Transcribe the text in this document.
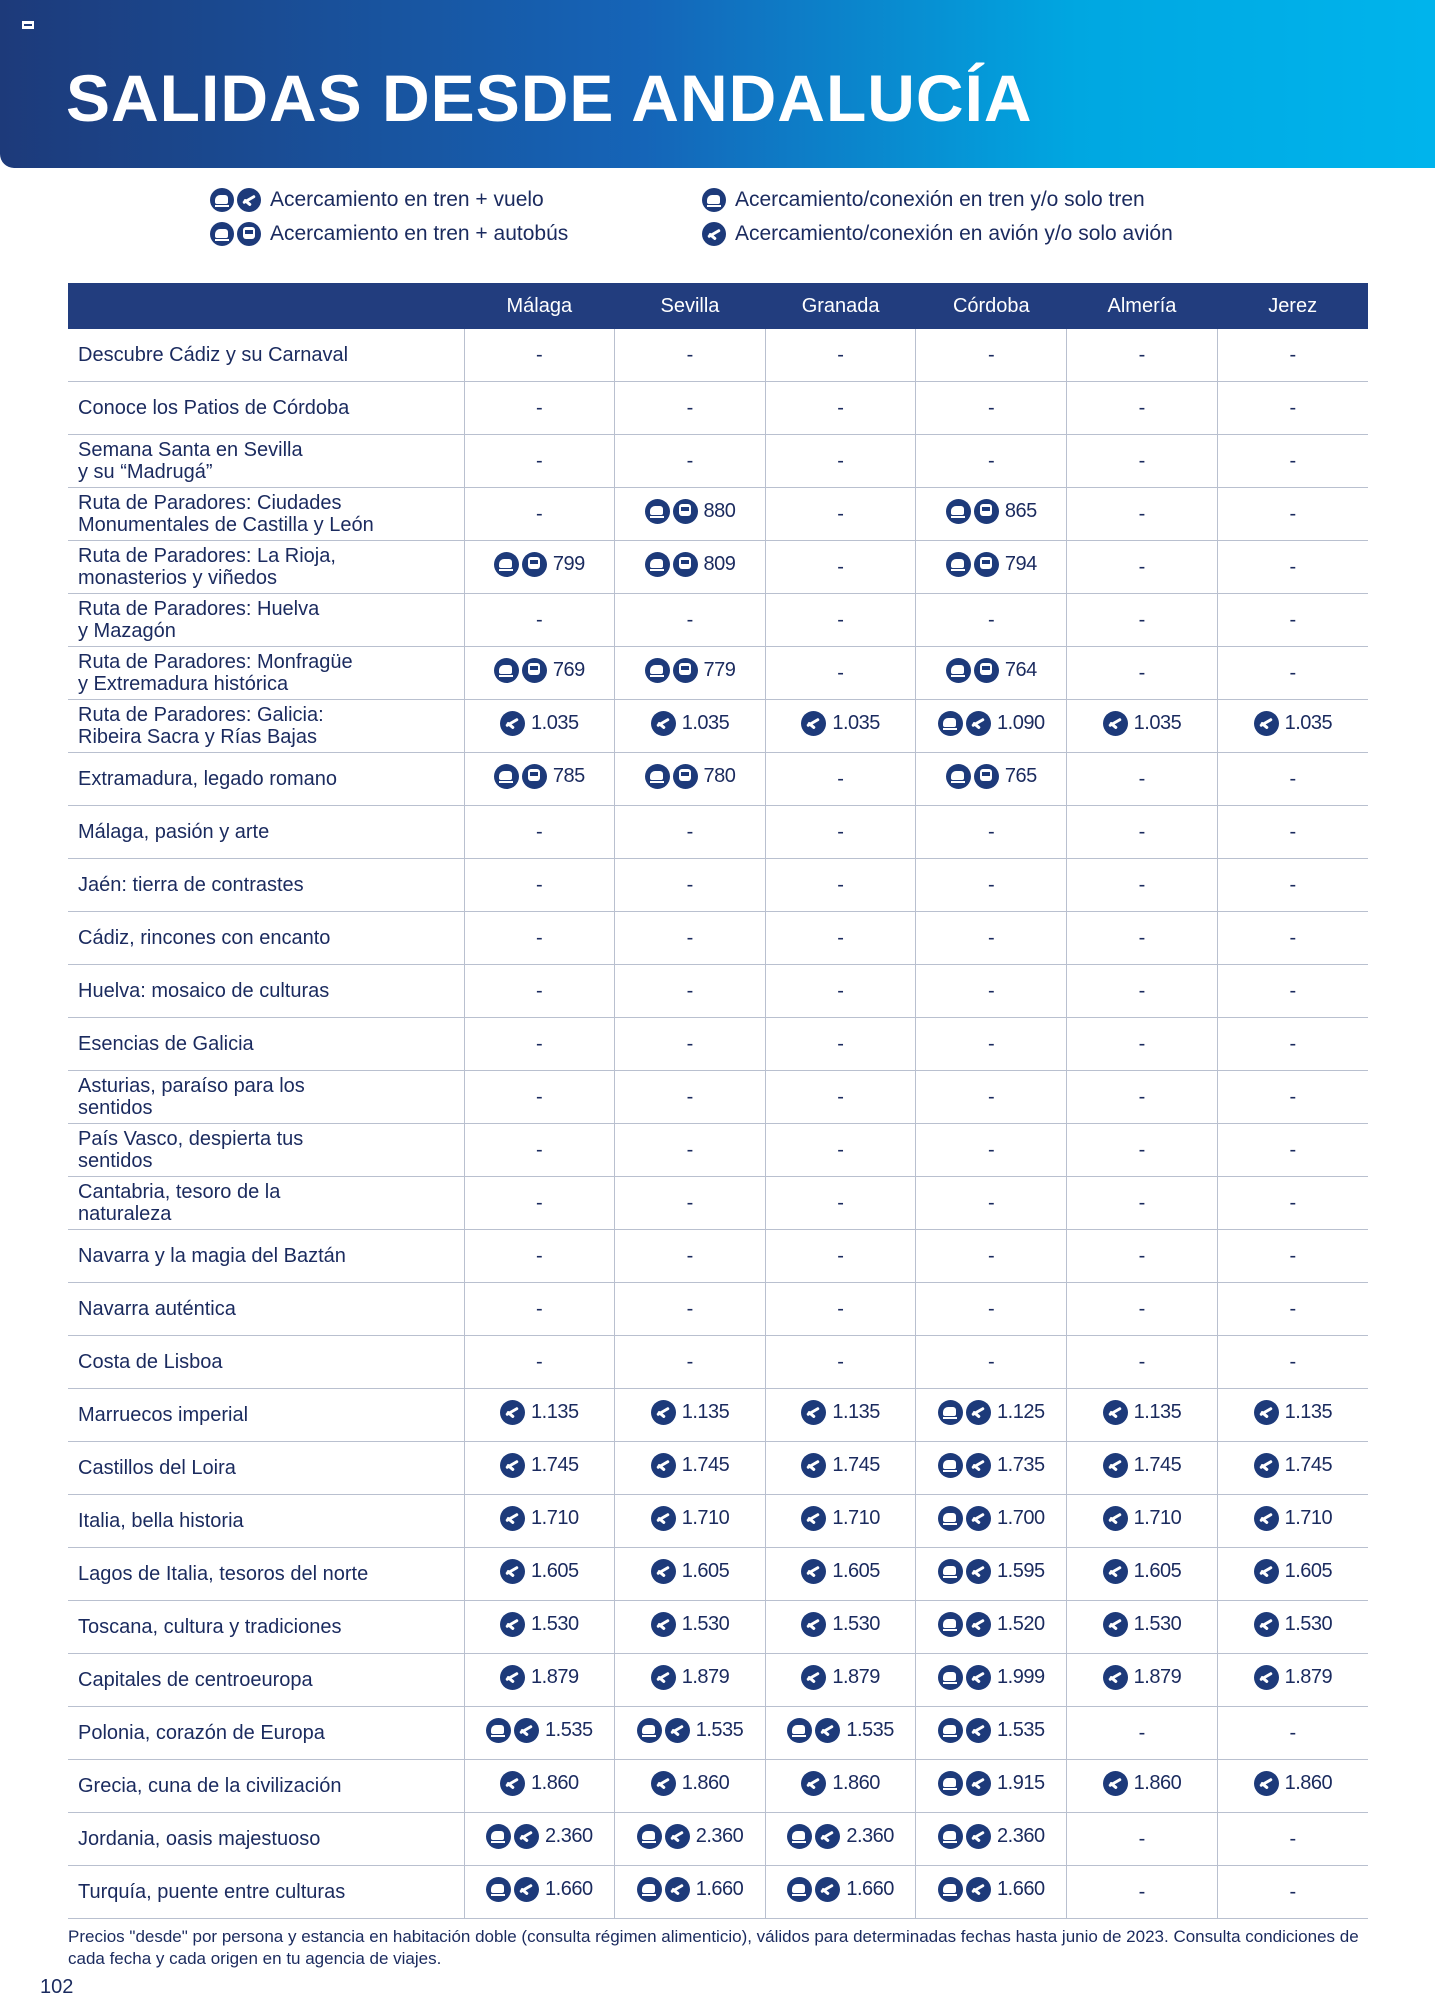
SALIDAS DESDE ANDALUCÍA
Acercamiento en tren + vuelo
Acercamiento en tren + autobús
Acercamiento/conexión en tren y/o solo tren
Acercamiento/conexión en avión y/o solo avión
	Málaga	Sevilla	Granada	Córdoba	Almería	Jerez
Descubre Cádiz y su Carnaval	-	-	-	-	-	-
Conoce los Patios de Córdoba	-	-	-	-	-	-
Semana Santa en Sevilla
y su “Madrugá”	-	-	-	-	-	-
Ruta de Paradores: Ciudades
Monumentales de Castilla y León	-	880	-	865	-	-
Ruta de Paradores: La Rioja,
monasterios y viñedos	799	809	-	794	-	-
Ruta de Paradores: Huelva
y Mazagón	-	-	-	-	-	-
Ruta de Paradores: Monfragüe
y Extremadura histórica	769	779	-	764	-	-
Ruta de Paradores: Galicia:
Ribeira Sacra y Rías Bajas	1.035	1.035	1.035	1.090	1.035	1.035

Extramadura, legado romano	785	780	-	765	-	-
Málaga, pasión y arte	-	-	-	-	-	-
Jaén: tierra de contrastes	-	-	-	-	-	-
Cádiz, rincones con encanto	-	-	-	-	-	-
Huelva: mosaico de culturas	-	-	-	-	-	-
Esencias de Galicia	-	-	-	-	-	-
Asturias, paraíso para los
sentidos	-	-	-	-	-	-
País Vasco, despierta tus
sentidos	-	-	-	-	-	-
Cantabria, tesoro de la
naturaleza	-	-	-	-	-	-
Navarra y la magia del Baztán	-	-	-	-	-	-
Navarra auténtica	-	-	-	-	-	-
Costa de Lisboa	-	-	-	-	-	-
Marruecos imperial	1.135	1.135	1.135	1.125	1.135	1.135

Castillos del Loira	1.745	1.745	1.745	1.735	1.745	1.745

Italia, bella historia	1.710	1.710	1.710	1.700	1.710	1.710

Lagos de Italia, tesoros del norte	1.605	1.605	1.605	1.595	1.605	1.605

Toscana, cultura y tradiciones	1.530	1.530	1.530	1.520	1.530	1.530

Capitales de centroeuropa	1.879	1.879	1.879	1.999	1.879	1.879

Polonia, corazón de Europa	1.535	1.535	1.535	1.535	-	-
Grecia, cuna de la civilización	1.860	1.860	1.860	1.915	1.860	1.860

Jordania, oasis majestuoso	2.360	2.360	2.360	2.360	-	-
Turquía, puente entre culturas	1.660	1.660	1.660	1.660	-	-
Precios "desde" por persona y estancia en habitación doble (consulta régimen alimenticio), válidos para determinadas fechas hasta junio de 2023. Consulta condiciones de cada fecha y cada origen en tu agencia de viajes.
102
